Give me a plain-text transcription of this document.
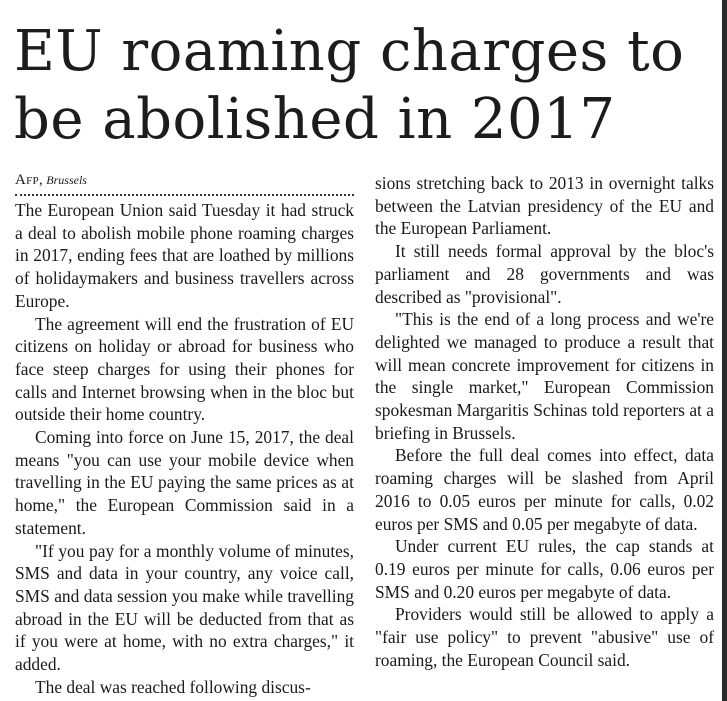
EU roaming charges to
be abolished in 2017
Afp, Brussels

The European Union said Tuesday it had struck a deal to abolish mobile phone roaming charges in 2017, ending fees that are loathed by millions of holidaymakers and business travellers across Europe.

The agreement will end the frustration of EU citizens on holiday or abroad for business who face steep charges for using their phones for calls and Internet browsing when in the bloc but outside their home country.

Coming into force on June 15, 2017, the deal means "you can use your mobile device when travelling in the EU paying the same prices as at home," the European Commission said in a statement.

"If you pay for a monthly volume of minutes, SMS and data in your country, any voice call, SMS and data session you make while travelling abroad in the EU will be deducted from that as if you were at home, with no extra charges," it added.

The deal was reached following discus-

sions stretching back to 2013 in overnight talks between the Latvian presidency of the EU and the European Parliament.

It still needs formal approval by the bloc's parliament and 28 governments and was described as "provisional".

"This is the end of a long process and we're delighted we managed to produce a result that will mean concrete improvement for citizens in the single market," European Commission spokesman Margaritis Schinas told reporters at a briefing in Brussels.

Before the full deal comes into effect, data roaming charges will be slashed from April 2016 to 0.05 euros per minute for calls, 0.02 euros per SMS and 0.05 per megabyte of data.

Under current EU rules, the cap stands at 0.19 euros per minute for calls, 0.06 euros per SMS and 0.20 euros per megabyte of data.

Providers would still be allowed to apply a "fair use policy" to prevent "abusive" use of roaming, the European Council said.
